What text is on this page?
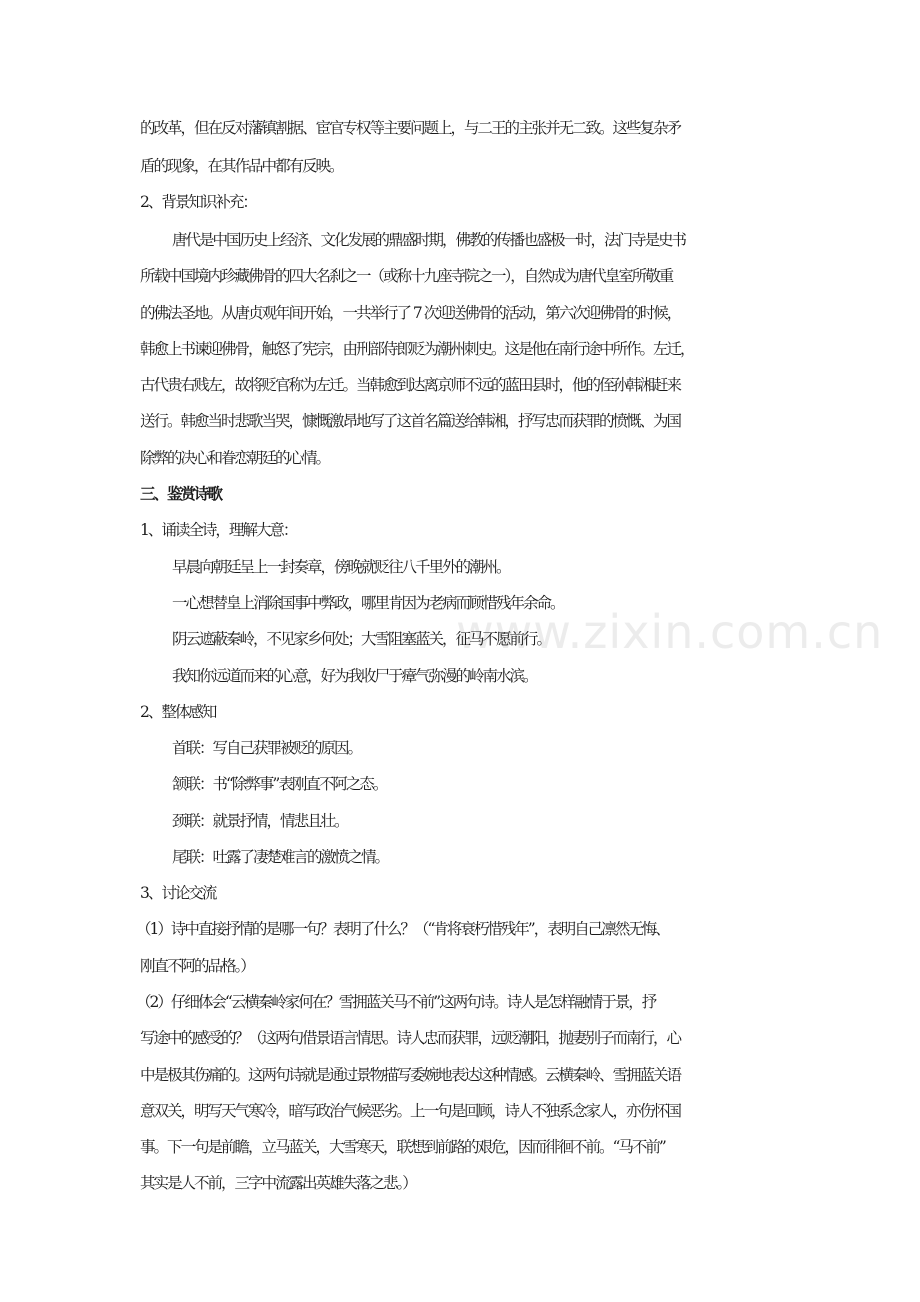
www.zixin.com.cn
的改革，但在反对藩镇割据、宦官专权等主要问题上，与二王的主张并无二致。这些复杂矛
盾的现象，在其作品中都有反映。
2、背景知识补充：
唐代是中国历史上经济、文化发展的鼎盛时期，佛教的传播也盛极一时，法门寺是史书
所载中国境内珍藏佛骨的四大名刹之一（或称十九座寺院之一），自然成为唐代皇室所敬重
的佛法圣地。从唐贞观年间开始，一共举行了 7 次迎送佛骨的活动，第六次迎佛骨的时候，
韩愈上书谏迎佛骨，触怒了宪宗，由刑部侍郎贬为潮州刺史。这是他在南行途中所作。左迁，
古代贵右贱左，故将贬官称为左迁。当韩愈到达离京师不远的蓝田县时，他的侄孙韩湘赶来
送行。韩愈当时悲歌当哭，慷慨激昂地写了这首名篇送给韩湘，抒写忠而获罪的愤慨、为国
除弊的决心和眷恋朝廷的心情。
三、鉴赏诗歌
1、诵读全诗，理解大意：
早晨向朝廷呈上一封奏章，傍晚就贬往八千里外的潮州。
一心想替皇上消除国事中弊政，哪里肯因为老病而顾惜残年余命。
阴云遮蔽秦岭，不见家乡何处；大雪阻塞蓝关，征马不愿前行。
我知你远道而来的心意，好为我收尸于瘴气弥漫的岭南水滨。
2、整体感知
首联：写自己获罪被贬的原因。
颔联：书“除弊事”表刚直不阿之态。
颈联：就景抒情，情悲且壮。
尾联：吐露了凄楚难言的激愤之情。
3、讨论交流
（1）诗中直接抒情的是哪一句？表明了什么？（“肯将衰朽惜残年”，表明自己凛然无悔、
刚直不阿的品格。）
（2）仔细体会“云横秦岭家何在？雪拥蓝关马不前”这两句诗。诗人是怎样融情于景，抒
写途中的感受的？（这两句借景语言情思。诗人忠而获罪，远贬潮阳，抛妻别子而南行，心
中是极其伤痛的。这两句诗就是通过景物描写委婉地表达这种情感。云横秦岭、雪拥蓝关语
意双关，明写天气寒冷，暗写政治气候恶劣。上一句是回顾，诗人不独系念家人，亦伤怀国
事。下一句是前瞻，立马蓝关，大雪寒天，联想到前路的艰危，因而徘徊不前。“马不前”
其实是人不前，三字中流露出英雄失落之悲。）
